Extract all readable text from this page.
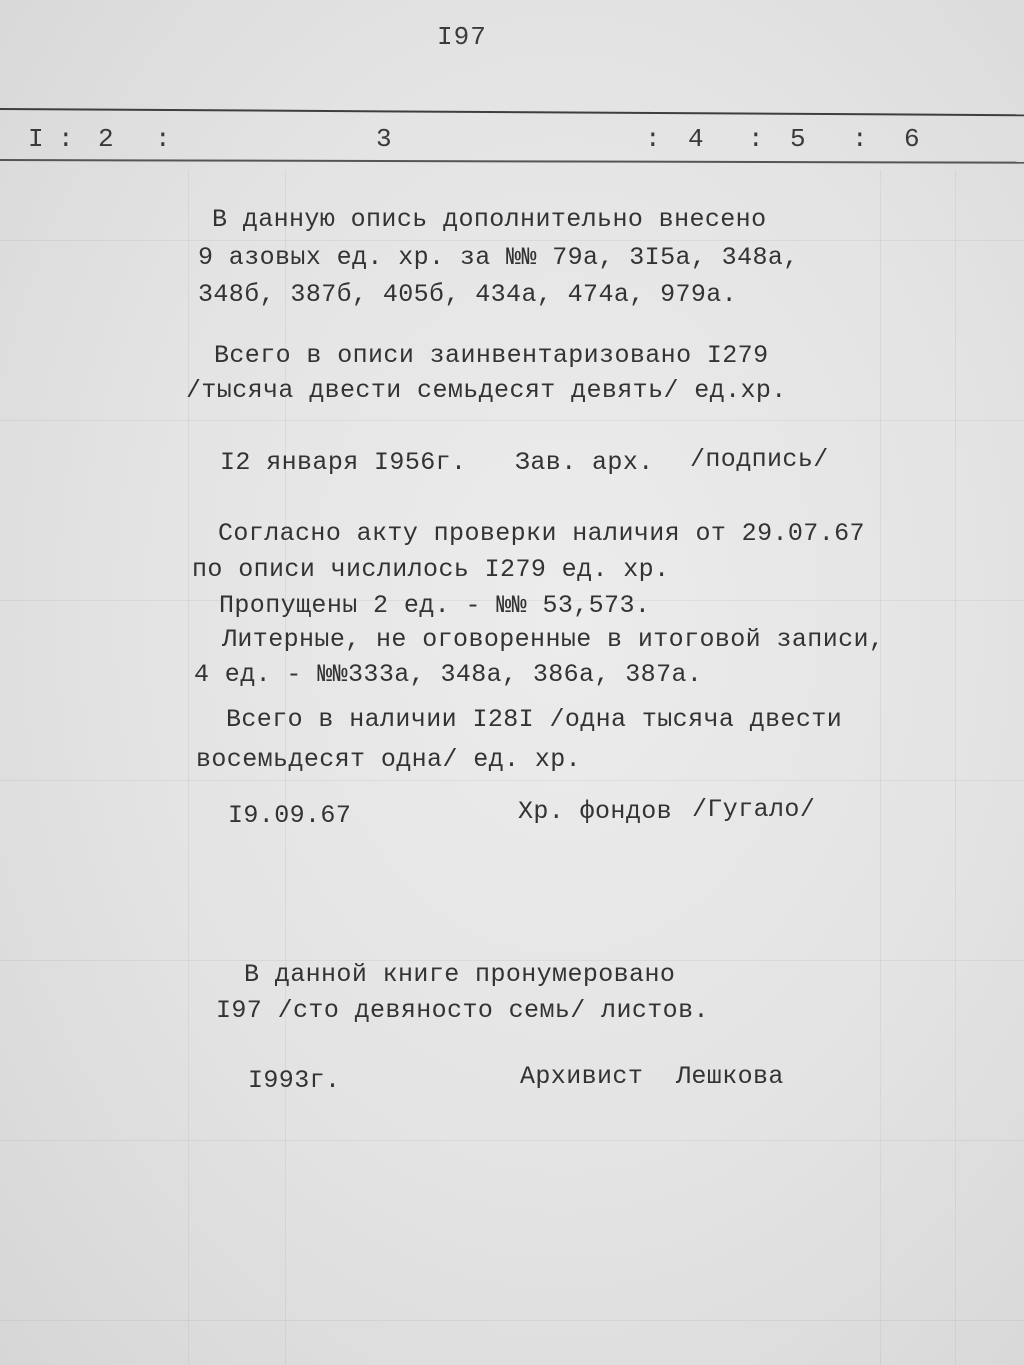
I97
I : 2 :	3	: 4 : 5 : 6
В данную опись дополнительно внесено
9 азовых ед. хр. за №№ 79а, 3I5а, 348а,
348б, 387б, 405б, 434а, 474а, 979а.
Всего в описи заинвентаризовано I279
/тысяча двести семьдесят девять/ ед.хр.
I2 января I956г. Зав. арх. /подпись/
Согласно акту проверки наличия от 29.07.67
по описи числилось I279 ед. хр.
Пропущены 2 ед. - №№ 53,573.
Литерные, не оговоренные в итоговой записи,
4 ед. - №№333а, 348а, 386а, 387а.
Всего в наличии I28I /одна тысяча двести
восемьдесят одна/ ед. хр.
I9.09.67	Хр. фондов /Гугало/
В данной книге пронумеровано
I97 /сто девяносто семь/ листов.
I993г.	Архивист Лешкова
